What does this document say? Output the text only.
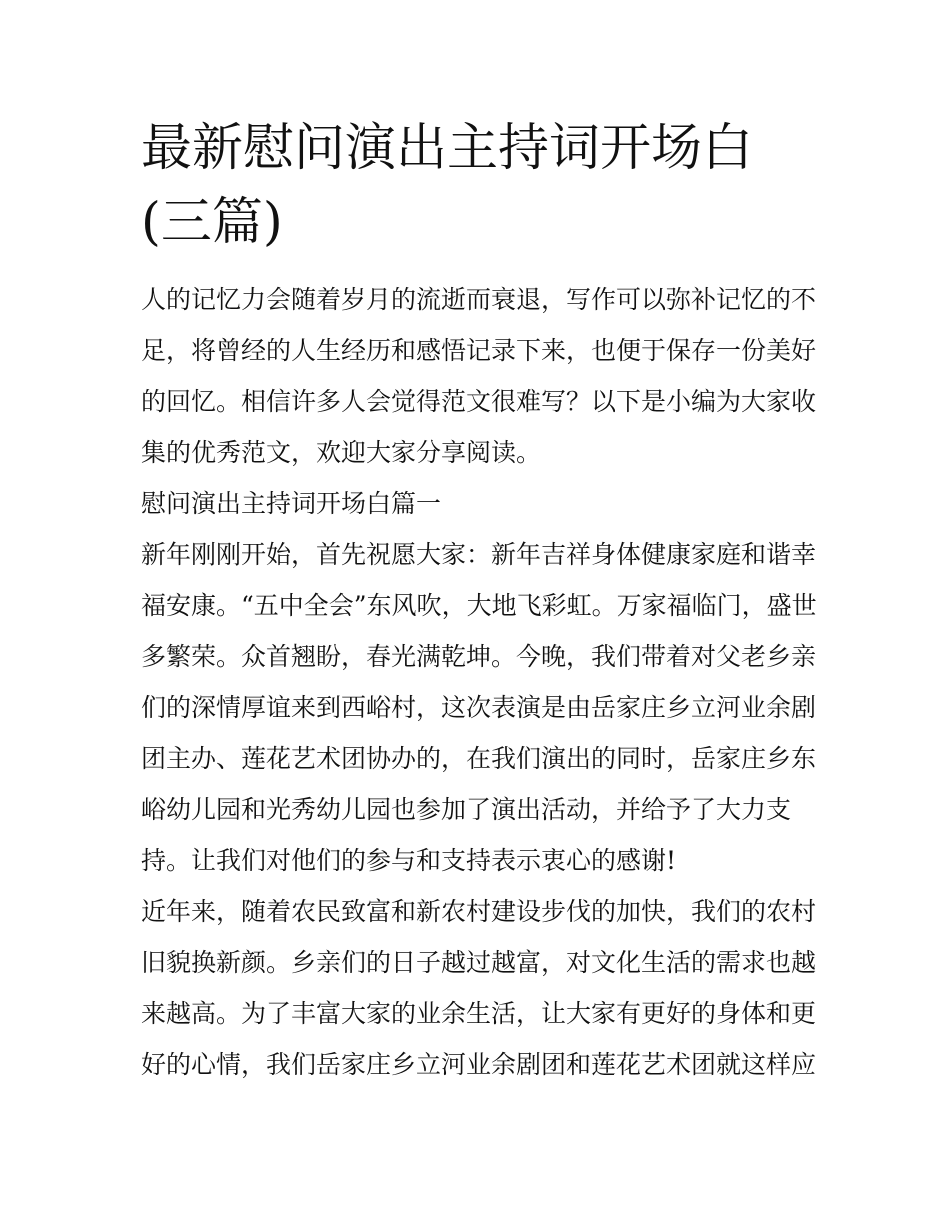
最新慰问演出主持词开场白(三篇)

人的记忆力会随着岁月的流逝而衰退，写作可以弥补记忆的不

足，将曾经的人生经历和感悟记录下来，也便于保存一份美好

的回忆。相信许多人会觉得范文很难写？以下是小编为大家收

集的优秀范文，欢迎大家分享阅读。

慰问演出主持词开场白篇一

新年刚刚开始，首先祝愿大家：新年吉祥身体健康家庭和谐幸

福安康。“五中全会”东风吹，大地飞彩虹。万家福临门，盛世

多繁荣。众首翘盼，春光满乾坤。今晚，我们带着对父老乡亲

们的深情厚谊来到西峪村，这次表演是由岳家庄乡立河业余剧

团主办、莲花艺术团协办的，在我们演出的同时，岳家庄乡东

峪幼儿园和光秀幼儿园也参加了演出活动，并给予了大力支

持。让我们对他们的参与和支持表示衷心的感谢!

近年来，随着农民致富和新农村建设步伐的加快，我们的农村

旧貌换新颜。乡亲们的日子越过越富，对文化生活的需求也越

来越高。为了丰富大家的业余生活，让大家有更好的身体和更

好的心情，我们岳家庄乡立河业余剧团和莲花艺术团就这样应
